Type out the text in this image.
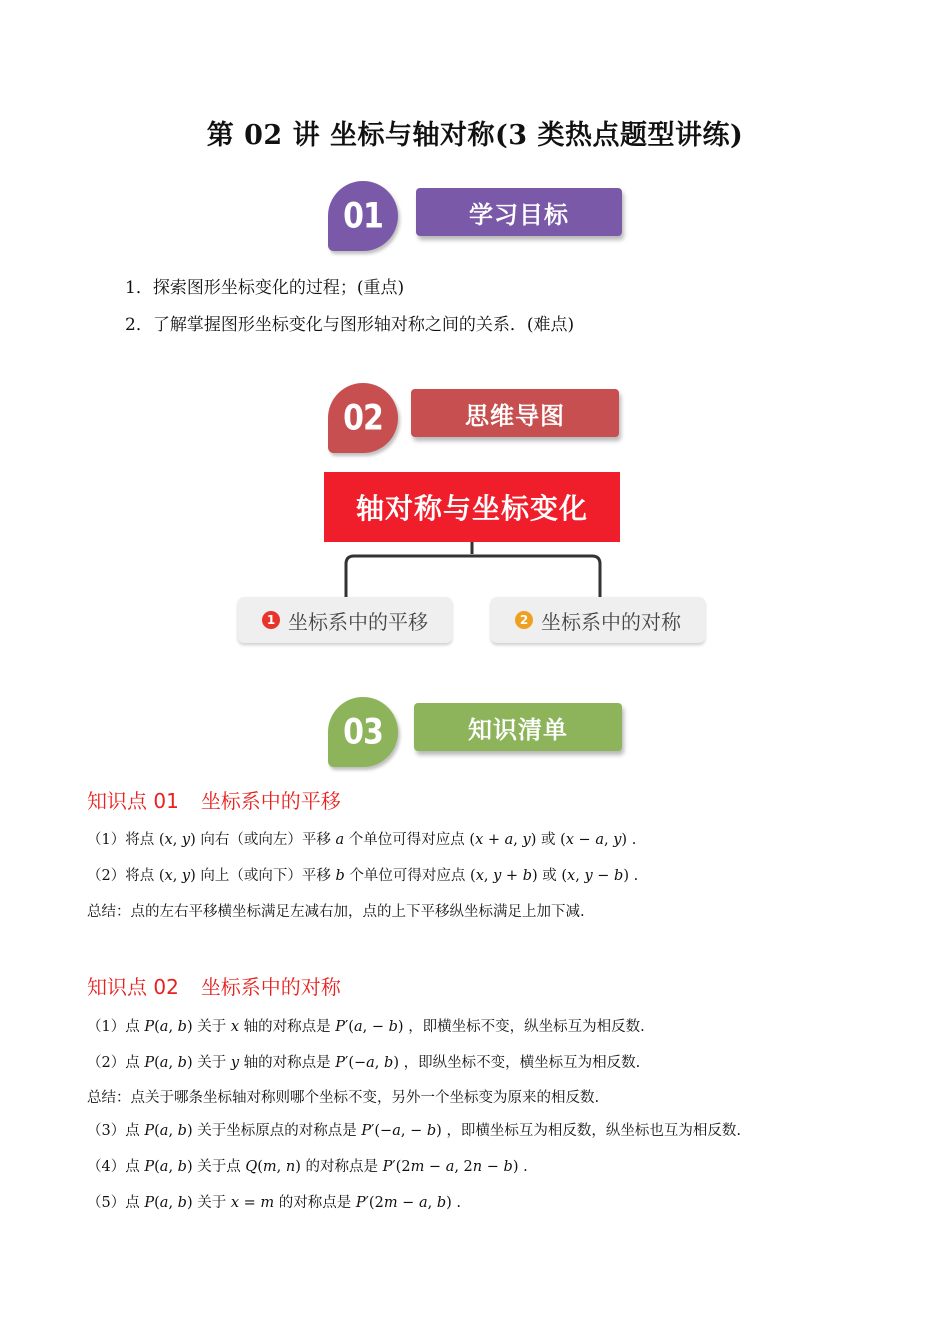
第 02 讲 坐标与轴对称(3 类热点题型讲练)
01	学习目标
1．探索图形坐标变化的过程；(重点)
2．了解掌握图形坐标变化与图形轴对称之间的关系．(难点)
02	思维导图
轴对称与坐标变化
1 坐标系中的平移	2 坐标系中的对称
03	知识清单
知识点 01 坐标系中的平移
（1）将点 (x, y) 向右（或向左）平移 a 个单位可得对应点 (x + a, y) 或 (x − a, y) .
（2）将点 (x, y) 向上（或向下）平移 b 个单位可得对应点 (x, y + b) 或 (x, y − b) .
总结：点的左右平移横坐标满足左减右加，点的上下平移纵坐标满足上加下减.
知识点 02 坐标系中的对称
（1）点 P(a, b) 关于 x 轴的对称点是 P′(a, − b) ，即横坐标不变，纵坐标互为相反数.
（2）点 P(a, b) 关于 y 轴的对称点是 P′(−a, b) ，即纵坐标不变，横坐标互为相反数.
总结：点关于哪条坐标轴对称则哪个坐标不变，另外一个坐标变为原来的相反数.
（3）点 P(a, b) 关于坐标原点的对称点是 P′(−a, − b) ，即横坐标互为相反数，纵坐标也互为相反数.
（4）点 P(a, b) 关于点 Q(m, n) 的对称点是 P′(2m − a, 2n − b) .
（5）点 P(a, b) 关于 x = m 的对称点是 P′(2m − a, b) .
